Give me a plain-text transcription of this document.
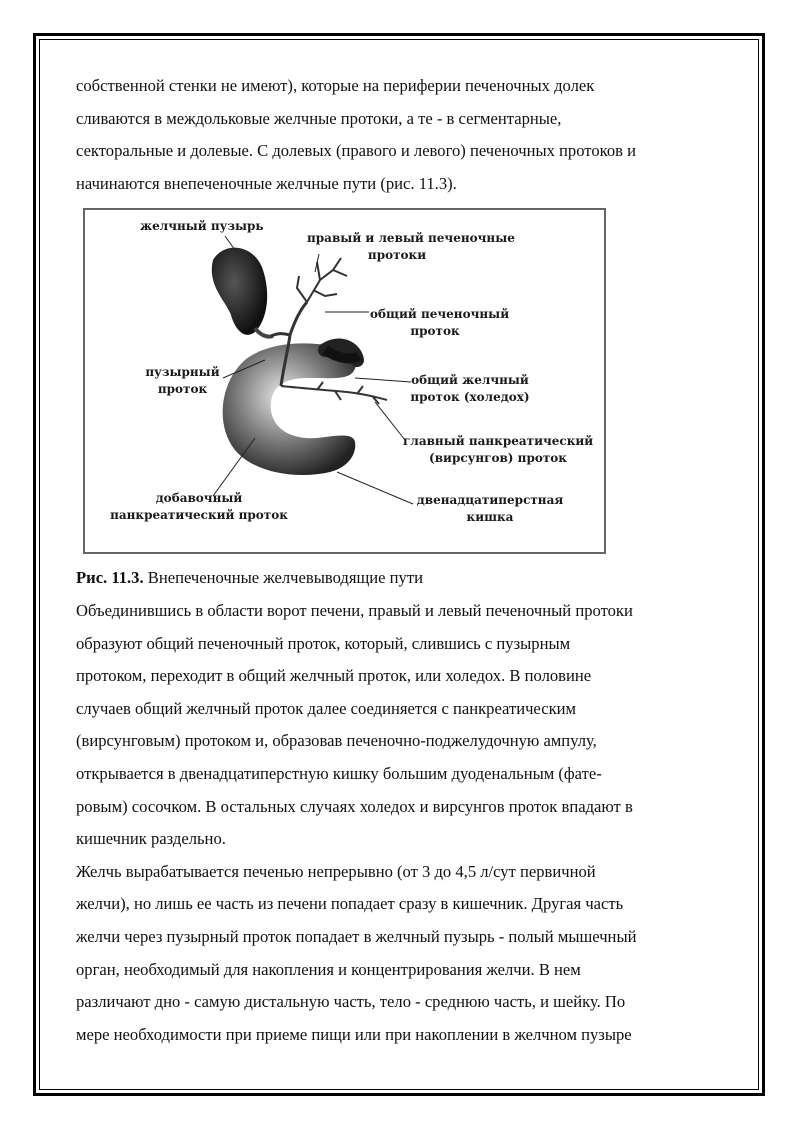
собственной стенки не имеют), которые на периферии печеночных долек

сливаются в междольковые желчные протоки, а те - в сегментарные,

секторальные и долевые. С долевых (правого и левого) печеночных протоков и

начинаются внепеченочные желчные пути (рис. 11.3).

желчный пузырь
правый и левый печеночные
протоки
общий печеночный
проток
пузырный
проток
общий желчный
проток (холедох)
главный панкреатический
(вирсунгов) проток
добавочный
панкреатический проток
двенадцатиперстная
кишка

Рис. 11.3. Внепеченочные желчевыводящие пути

Объединившись в области ворот печени, правый и левый печеночный протоки

образуют общий печеночный проток, который, слившись с пузырным

протоком, переходит в общий желчный проток, или холедох. В половине

случаев общий желчный проток далее соединяется с панкреатическим

(вирсунговым) протоком и, образовав печеночно-поджелудочную ампулу,

открывается в двенадцатиперстную кишку большим дуоденальным (фате-

ровым) сосочком. В остальных случаях холедох и вирсунгов проток впадают в

кишечник раздельно.

Желчь вырабатывается печенью непрерывно (от 3 до 4,5 л/сут первичной

желчи), но лишь ее часть из печени попадает сразу в кишечник. Другая часть

желчи через пузырный проток попадает в желчный пузырь - полый мышечный

орган, необходимый для накопления и концентрирования желчи. В нем

различают дно - самую дистальную часть, тело - среднюю часть, и шейку. По

мере необходимости при приеме пищи или при накоплении в желчном пузыре
